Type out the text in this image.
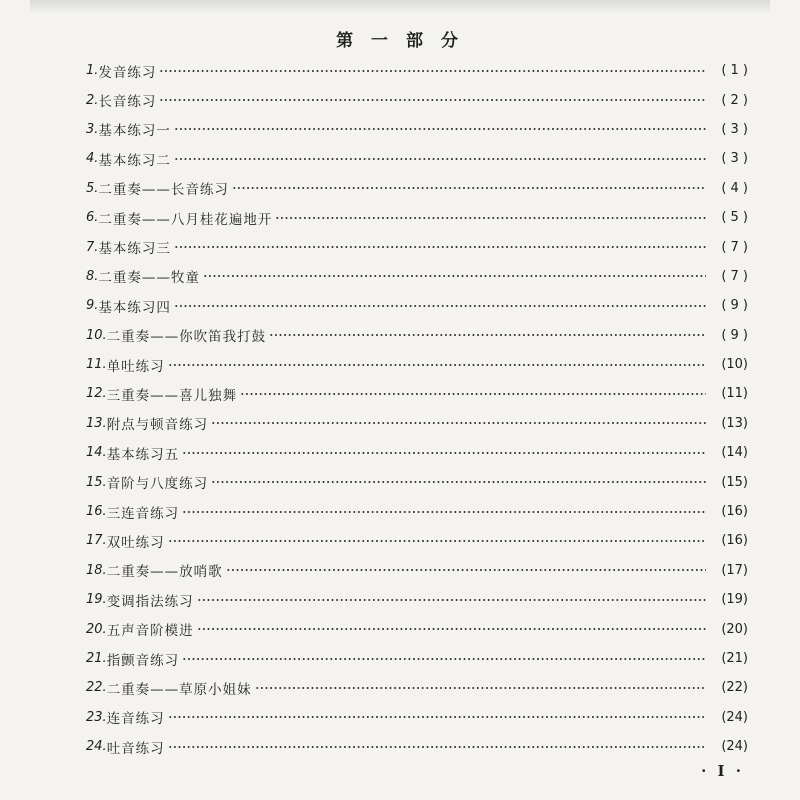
第 一 部 分
1. 发音练习	( 1 )
2. 长音练习	( 2 )
3. 基本练习一	( 3 )
4. 基本练习二	( 3 )
5. 二重奏——长音练习	( 4 )
6. 二重奏——八月桂花遍地开	( 5 )
7. 基本练习三	( 7 )
8. 二重奏——牧童	( 7 )
9. 基本练习四	( 9 )
10. 二重奏——你吹笛我打鼓	( 9 )
11. 单吐练习	(10)
12. 三重奏——喜儿独舞	(11)
13. 附点与顿音练习	(13)
14. 基本练习五	(14)
15. 音阶与八度练习	(15)
16. 三连音练习	(16)
17. 双吐练习	(16)
18. 二重奏——放哨歌	(17)
19. 变调指法练习	(19)
20. 五声音阶模进	(20)
21. 指颤音练习	(21)
22. 二重奏——草原小姐妹	(22)
23. 连音练习	(24)
24. 吐音练习	(24)
· I ·
